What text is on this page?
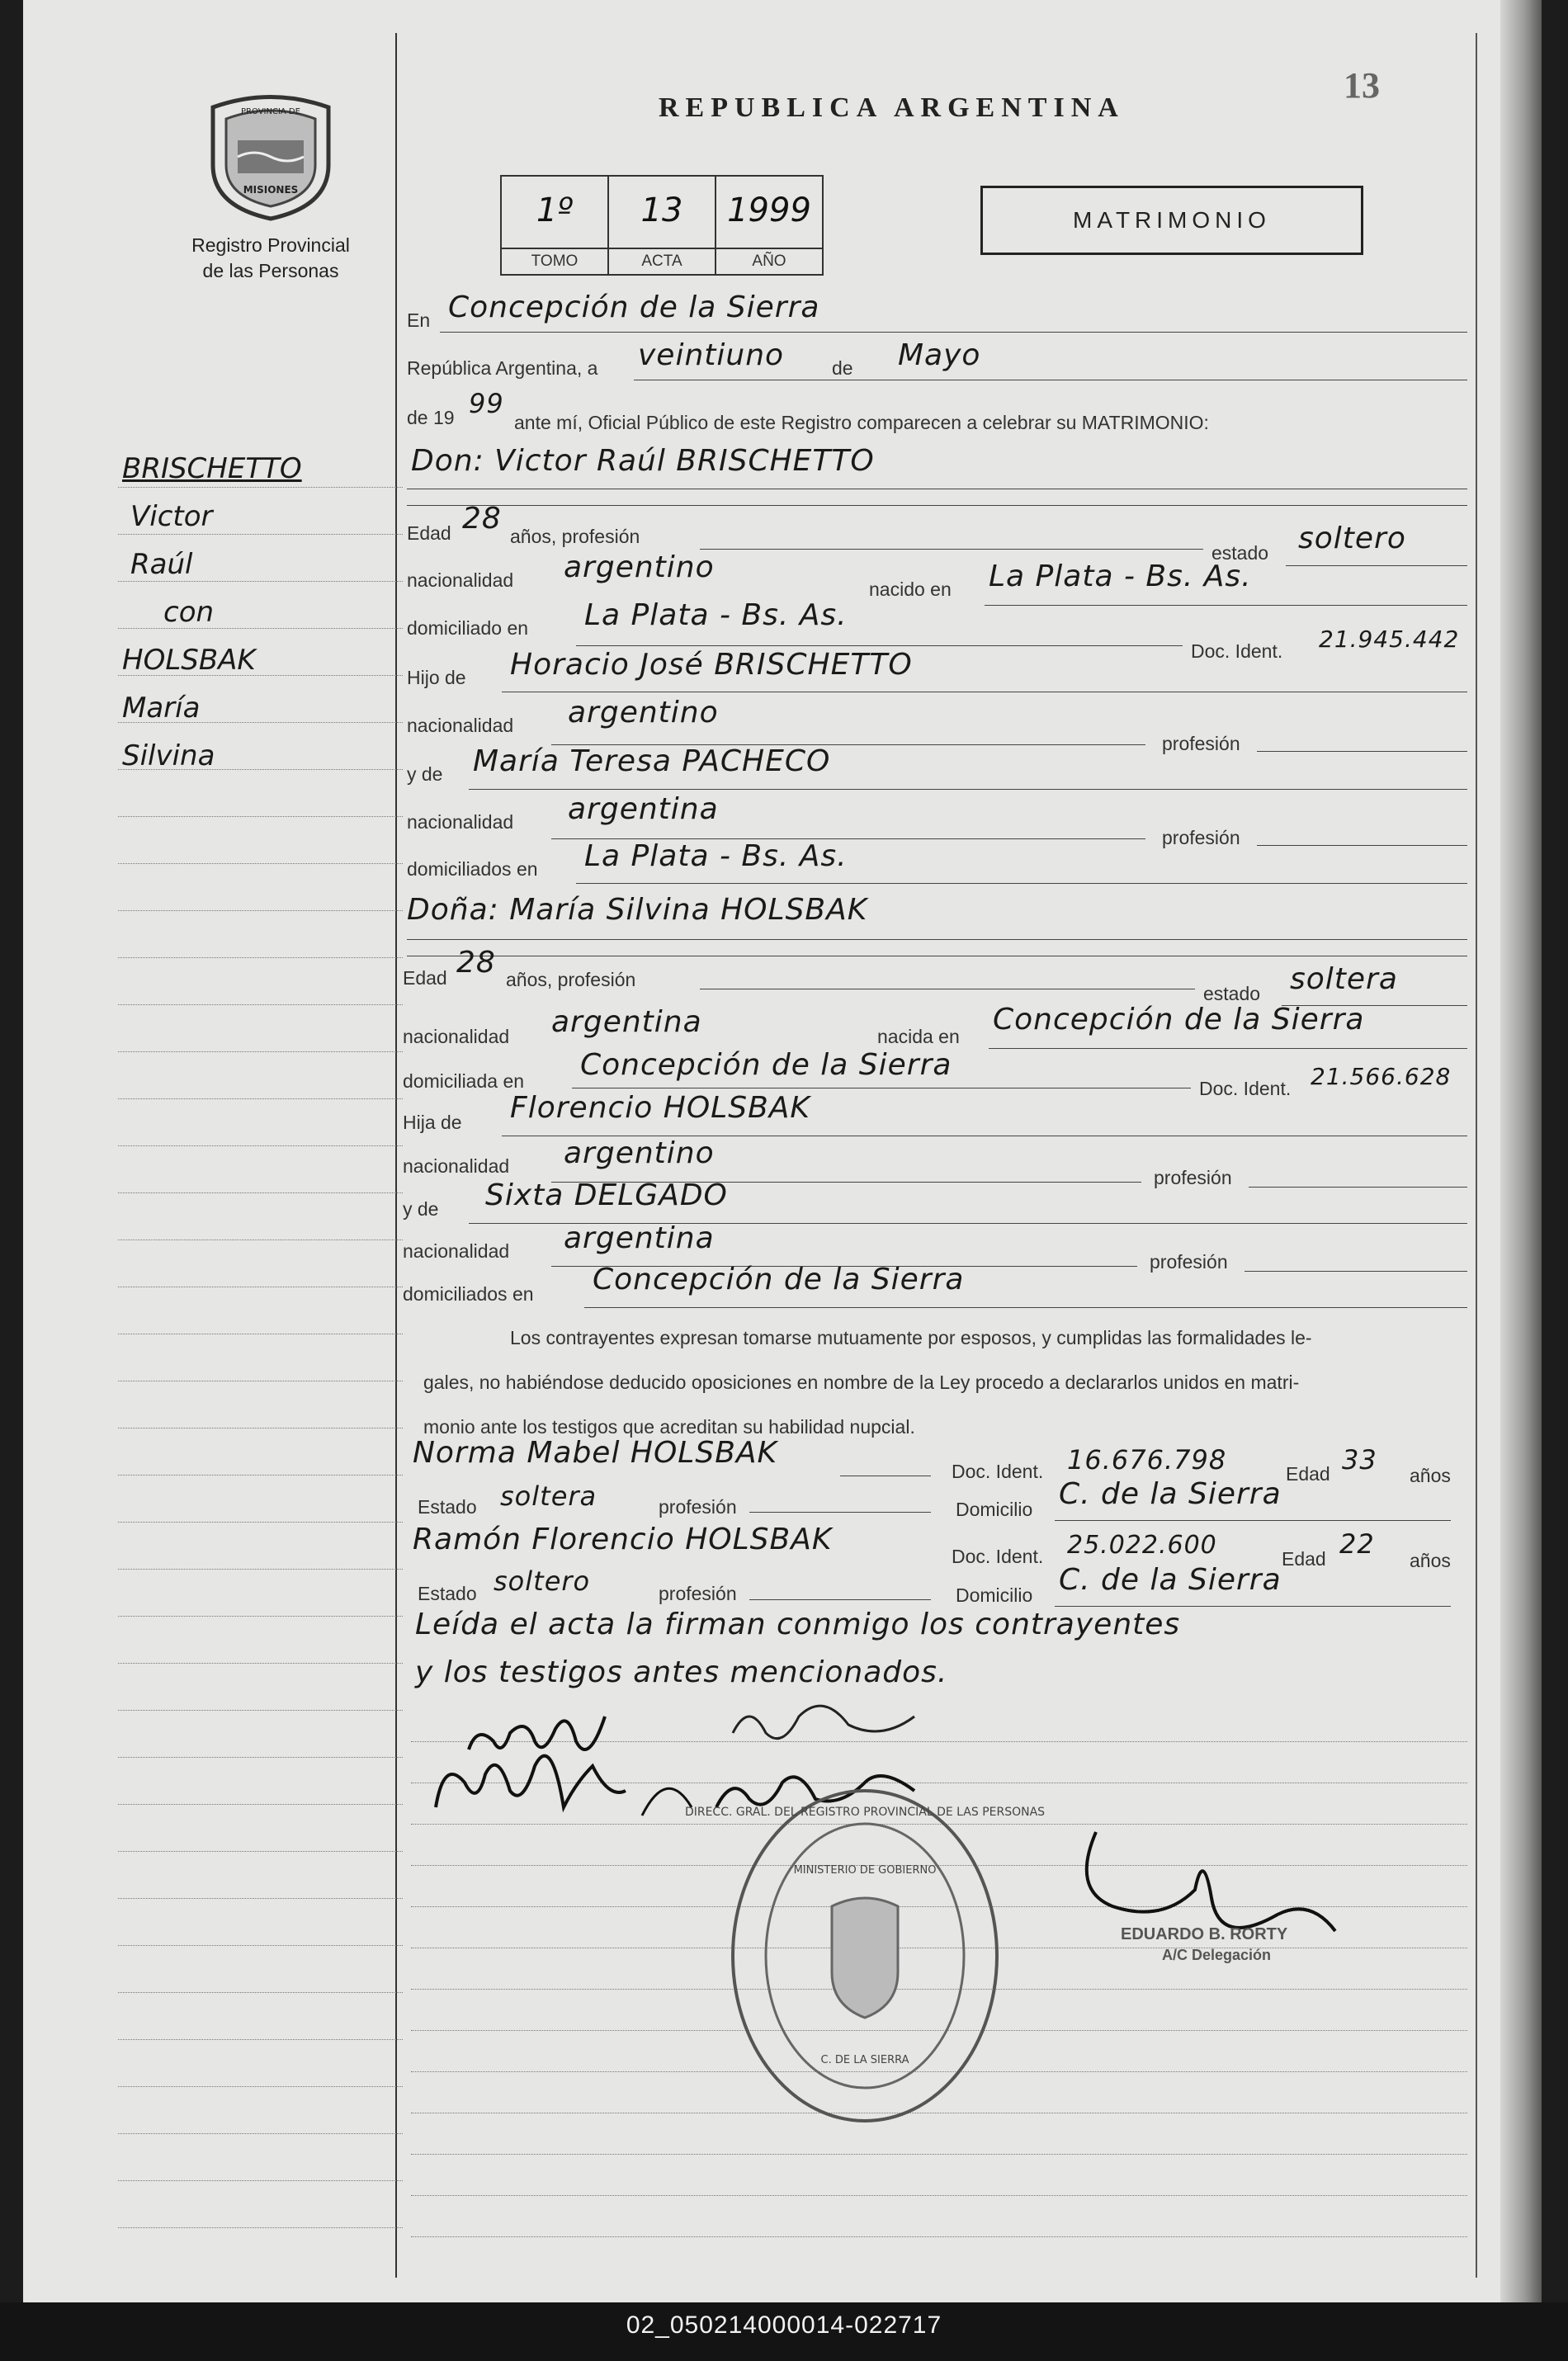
13
REPUBLICA ARGENTINA
PROVINCIA DE
MISIONES
Registro Provincial
de las Personas
1º
TOMO
13
ACTA
1999
AÑO
MATRIMONIO
BRISCHETTO
Victor
Raúl
con
HOLSBAK
María
Silvina
En Concepción de la Sierra
República Argentina, a veintiuno	de Mayo
de 19 99
ante mí, Oficial Público de este Registro comparecen a celebrar su MATRIMONIO:
Don: Victor Raúl BRISCHETTO
Edad 28
años, profesión
estado soltero
nacionalidad argentino
nacido en La Plata - Bs. As.
domiciliado en La Plata - Bs. As.
Doc. Ident. 21.945.442
Hijo de Horacio José BRISCHETTO
nacionalidad argentino
profesión
y de María Teresa PACHECO
nacionalidad argentina
profesión
domiciliados en La Plata - Bs. As.
Doña: María Silvina HOLSBAK
Edad 28 años, profesión
estado soltera
nacionalidad argentina	nacida en Concepción de la Sierra
domiciliada en Concepción de la Sierra
Doc. Ident. 21.566.628
Hija de Florencio HOLSBAK
nacionalidad argentino
profesión
y de Sixta DELGADO
nacionalidad argentina
profesión
domiciliados en Concepción de la Sierra
Los contrayentes expresan tomarse mutuamente por esposos, y cumplidas las formalidades le-
gales, no habiéndose deducido oposiciones en nombre de la Ley procedo a declararlos unidos en matri-
monio ante los testigos que acreditan su habilidad nupcial.
Norma Mabel HOLSBAK
Doc. Ident. 16.676.798	Edad 33 años
Estado soltera	profesión	Domicilio C. de la Sierra
Ramón Florencio HOLSBAK	Doc. Ident. 25.022.600	Edad 22
años
Estado soltero	profesión	Domicilio C. de la Sierra
Leída el acta la firman conmigo los contrayentes
y los testigos antes mencionados.
DIRECC. GRAL. DEL REGISTRO PROVINCIAL DE LAS PERSONAS
MINISTERIO DE GOBIERNO
C. DE LA SIERRA
EDUARDO B. RORTY
A/C Delegación
02_050214000014-022717
